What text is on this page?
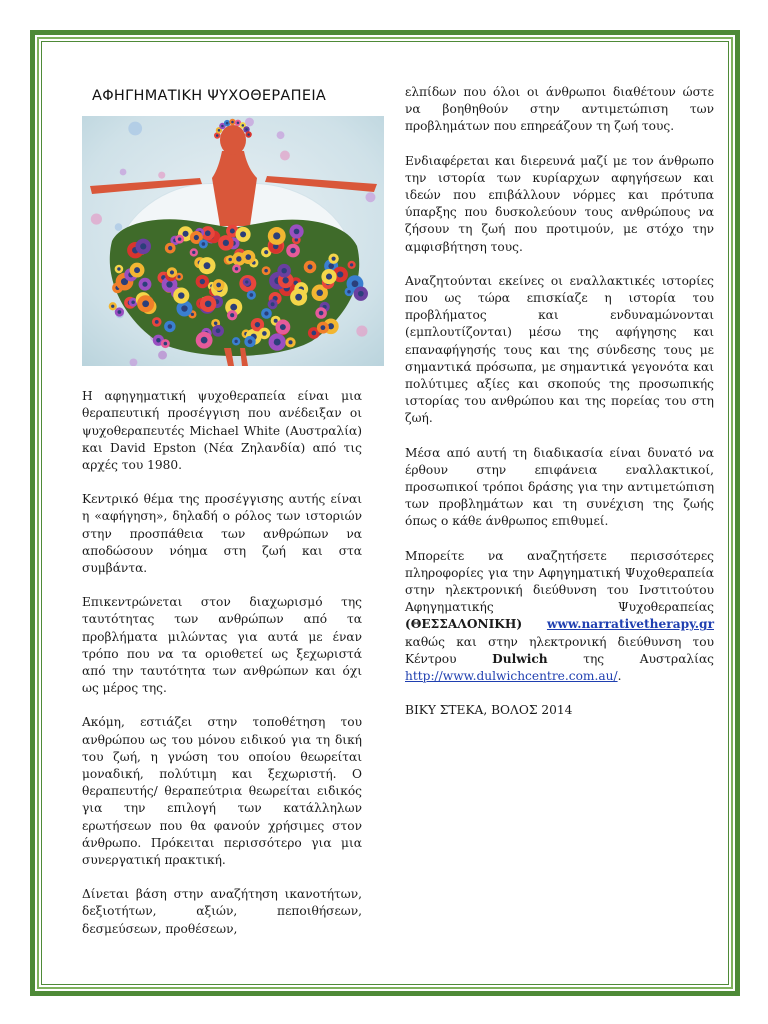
ΑΦΗΓΗΜΑΤΙΚΗ ΨΥΧΟΘΕΡΑΠΕΙΑ

Η αφηγηματική ψυχοθεραπεία είναι μια θεραπευτική προσέγγιση που ανέδειξαν οι ψυχοθεραπευτές Michael White (Αυστραλία) και David Epston (Νέα Ζηλανδία) από τις αρχές του 1980.

Κεντρικό θέμα της προσέγγισης αυτής είναι η «αφήγηση», δηλαδή ο ρόλος των ιστοριών στην προσπάθεια των ανθρώπων να αποδώσουν νόημα στη ζωή και στα συμβάντα.

Επικεντρώνεται στον διαχωρισμό της ταυτότητας των ανθρώπων από τα προβλήματα μιλώντας για αυτά με έναν τρόπο που να τα οριοθετεί ως ξεχωριστά από την ταυτότητα των ανθρώπων και όχι ως μέρος της.

Ακόμη, εστιάζει στην τοποθέτηση του ανθρώπου ως του μόνου ειδικού για τη δική του ζωή, η γνώση του οποίου θεωρείται μοναδική, πολύτιμη και ξεχωριστή. Ο θεραπευτής/ θεραπεύτρια θεωρείται ειδικός για την επιλογή των κατάλληλων ερωτήσεων που θα φανούν χρήσιμες στον άνθρωπο. Πρόκειται περισσότερο για μια συνεργατική πρακτική.

Δίνεται βάση στην αναζήτηση ικανοτήτων, δεξιοτήτων, αξιών, πεποιθήσεων, δεσμεύσεων, προθέσεων,

ελπίδων που όλοι οι άνθρωποι διαθέτουν ώστε να βοηθηθούν στην αντιμετώπιση των προβλημάτων που επηρεάζουν τη ζωή τους.

Ενδιαφέρεται και διερευνά μαζί με τον άνθρωπο την ιστορία των κυρίαρχων αφηγήσεων και ιδεών που επιβάλλουν νόρμες και πρότυπα ύπαρξης που δυσκολεύουν τους ανθρώπους να ζήσουν τη ζωή που προτιμούν, με στόχο την αμφισβήτηση τους.

Αναζητούνται εκείνες οι εναλλακτικές ιστορίες που ως τώρα επισκίαζε η ιστορία του προβλήματος και ενδυναμώνονται (εμπλουτίζονται) μέσω της αφήγησης και επαναφήγησής τους και της σύνδεσης τους με σημαντικά πρόσωπα, με σημαντικά γεγονότα και πολύτιμες αξίες και σκοπούς της προσωπικής ιστορίας του ανθρώπου και της πορείας του στη ζωή.

Μέσα από αυτή τη διαδικασία είναι δυνατό να έρθουν στην επιφάνεια εναλλακτικοί, προσωπικοί τρόποι δράσης για την αντιμετώπιση των προβλημάτων και τη συνέχιση της ζωής όπως ο κάθε άνθρωπος επιθυμεί.

Μπορείτε να αναζητήσετε περισσότερες πληροφορίες για την Αφηγηματική Ψυχοθεραπεία στην ηλεκτρονική διεύθυνση του Ινστιτούτου Αφηγηματικής Ψυχοθεραπείας (ΘΕΣΣΑΛΟΝΙΚΗ) www.narrativetherapy.gr καθώς και στην ηλεκτρονική διεύθυνση του Κέντρου Dulwich της Αυστραλίας http://www.dulwichcentre.com.au/.

ΒΙΚΥ ΣΤΕΚΑ, ΒΟΛΟΣ 2014
